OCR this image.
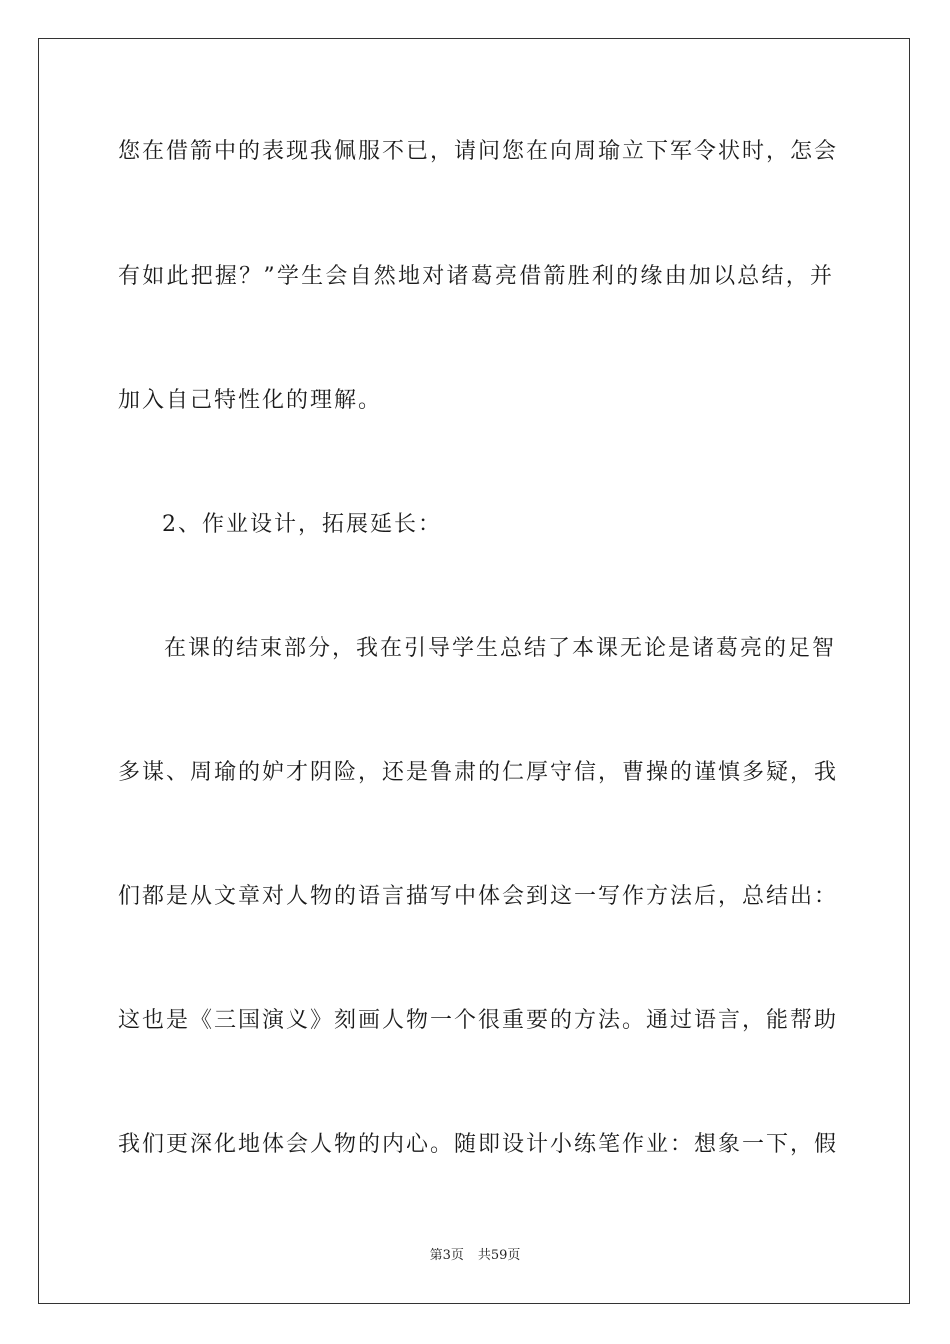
您在借箭中的表现我佩服不已，请问您在向周瑜立下军令状时，怎会
有如此把握？”学生会自然地对诸葛亮借箭胜利的缘由加以总结，并
加入自己特性化的理解。
2、作业设计，拓展延长：
在课的结束部分，我在引导学生总结了本课无论是诸葛亮的足智
多谋、周瑜的妒才阴险，还是鲁肃的仁厚守信，曹操的谨慎多疑，我
们都是从文章对人物的语言描写中体会到这一写作方法后，总结出：
这也是《三国演义》刻画人物一个很重要的方法。通过语言，能帮助
我们更深化地体会人物的内心。随即设计小练笔作业：想象一下，假
第3页 共59页
